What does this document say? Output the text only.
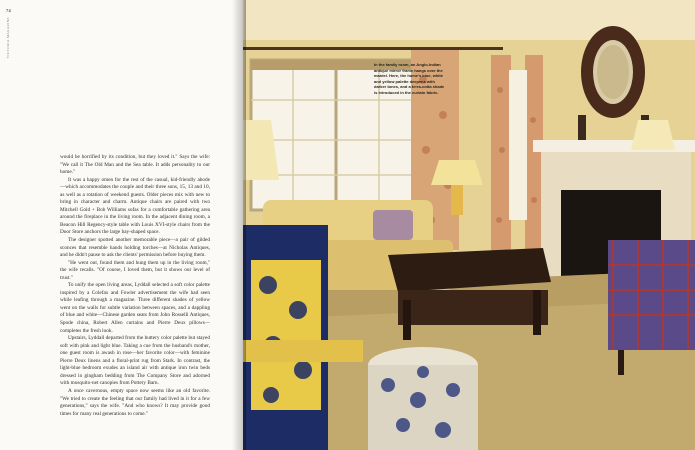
74
VICTORIA MAGAZINE

would be horrified by its condition, but they loved it." Says the wife: "We call it The Old Man and the Sea table. It adds personality to our home."

It was a happy omen for the rest of the casual, kid-friendly abode—which accommodates the couple and their three sons, 15, 13 and 10, as well as a rotation of weekend guests. Older pieces mix with new to bring in character and charm. Antique chairs are paired with two Mitchell Gold + Bob Williams sofas for a comfortable gathering area around the fireplace in the living room. In the adjacent dining room, a Beacon Hill Regency-style table with Louis XVI-style chairs from the Door Store anchors the large bay-shaped space.

The designer spotted another memorable piece—a pair of gilded sconces that resemble hands holding torches—at Nicholas Antiques, and he didn't pause to ask the clients' permission before buying them.

"He went out, found them and hung them up in the living room," the wife recalls. "Of course, I loved them, but it shows our level of trust."

To unify the open living areas, Lyddall selected a soft color palette inspired by a Colefax and Fowler advertisement the wife had seen while leafing through a magazine. Three different shades of yellow went on the walls for subtle variation between spaces, and a dappling of blue and white—Chinese garden seats from John Rosselli Antiques, Spode china, Robert Allen curtains and Pierre Deux pillows—completes the fresh look.

Upstairs, Lyddall departed from the buttery color palette but stayed soft with pink and light blue. Taking a cue from the husband's mother, one guest room is awash in rose—her favorite color—with feminine Pierre Deux linens and a floral-print rug from Stark. In contrast, the light-blue bedroom exudes an island air with antique iron twin beds dressed in gingham bedding from The Company Store and adorned with mosquito-net canopies from Pottery Barn.

A once cavernous, empty space now seems like an old favorite. "We tried to create the feeling that our family had lived in it for a few generations," says the wife. "And who knows? It may provide good times for many real generations to come."

In the family room, an Anglo-Indian antique mirror frame hangs over the mantel. Here, the home's blue, white and yellow palette deepens with darker tones, and a terra-cotta shade is introduced in the curtain fabric.
